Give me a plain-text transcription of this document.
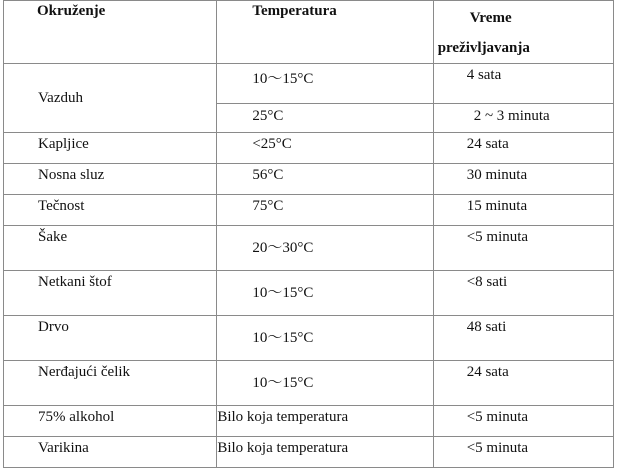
Okruženje	Temperatura	Vreme
preživljavanja

Vazduh	10〜15°C	4 sata
	25°C	2 ~ 3 minuta
Kapljice	<25°C	24 sata
Nosna sluz	56°C	30 minuta
Tečnost	75°C	15 minuta
Šake	20〜30°C	<5 minuta
Netkani štof	10〜15°C	<8 sati
Drvo	10〜15°C	48 sati
Nerđajući čelik	10〜15°C	24 sata
75% alkohol	Bilo koja temperatura	<5 minuta
Varikina	Bilo koja temperatura	<5 minuta
